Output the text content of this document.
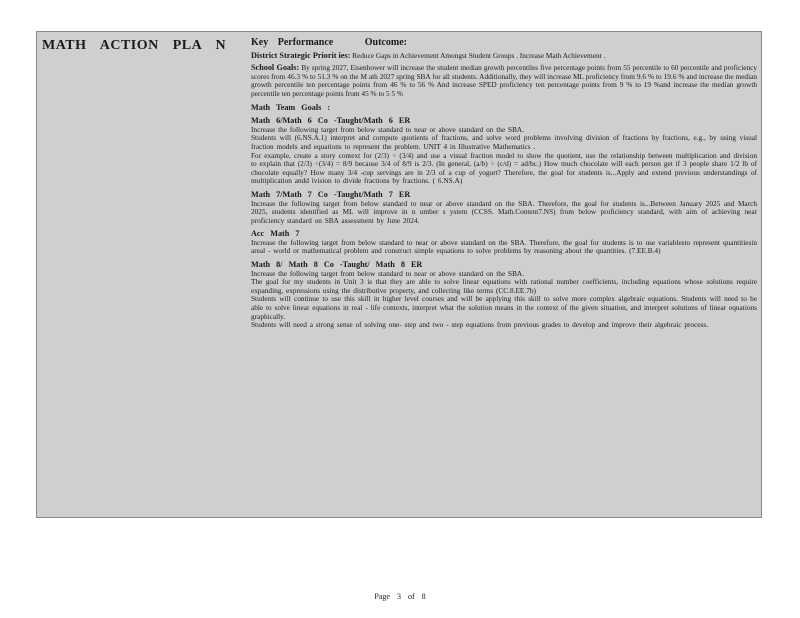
MATH ACTION PLA N	Key Performance	Outcome:

District Strategic Priorit ies: Reduce Gaps in Achievement Amongst Student Groups . Increase Math Achievement .

School Goals: By spring 2027, Eisenhower will increase the student median growth percentiles five percentage points from 55 percentile to 60 percentile and proficiency scores from 46.3 % to 51.3 % on the M ath 2027 spring SBA for all students. Additionally, they will increase ML proficiency from 9.6 % to 19.6 % and increase the median growth percentile ten percentage points from 46 % to 56 % And increase SPED proficiency ten percentage points from 9 % to 19 %and increase the median growth percentile ten percentage points from 45 % to 5 5 %

Math Team Goals :
Math 6/Math 6 Co -Taught/Math 6 ER

Increase the following target from below standard to near or above standard on the SBA.

Students will (6.NS.A.1) interpret and compute quotients of fractions, and solve word problems involving division of fractions by fractions, e.g., by using visual fraction models and equations to represent the problem. UNIT 4 in Illustrative Mathematics .

For example, create a story context for (2/3) ÷ (3/4) and use a visual fraction model to show the quotient, use the relationship between multiplication and division to explain that (2/3) ÷(3/4) = 8/9 because 3/4 of 8/9 is 2/3. (In general, (a/b) ÷ (c/d) = ad/bc.) How much chocolate will each person get if 3 people share 1/2 lb of chocolate equally? How many 3/4 -cup servings are in 2/3 of a cup of yogurt? Therefore, the goal for students is...Apply and extend previous understandings of multiplication andd ivision to divide fractions by fractions. ( 6.NS.A)

Math 7/Math 7 Co -Taught/Math 7 ER

Increase the following target from below standard to near or above standard on the SBA. Therefore, the goal for students is...Between January 2025 and March 2025, students identified as ML will improve in n umber s ystem (CCSS. Math.Content7.NS) from below proficiency standard, with aim of achieving near proficiency standard on SBA assessment by June 2024.

Acc Math 7

Increase the following target from below standard to near or above standard on the SBA. Therefore, the goal for students is to use variablesto represent quantitiesin areal - world or mathematical problem and construct simple equations to solve problems by reasoning about the quantities. (7.EE.B.4)

Math 8/ Math 8 Co -Taught/ Math 8 ER

Increase the following target from below standard to near or above standard on the SBA.

The goal for my students in Unit 3 is that they are able to solve linear equations with rational number coefficients, including equations whose solutions require expanding, expressions using the distributive property, and collecting like terms (CC.8.EE.7b)

Students will continue to use this skill in higher level courses and will be applying this skill to solve more complex algebraic equations. Students will need to be able to solve linear equations in real - life contexts, interpret what the solution means in the context of the given situation, and interpret solutions of linear equations graphically.

Students will need a strong sense of solving one- step and two - step equations from previous grades to develop and improve their algebraic process.

Page 3 of 8
